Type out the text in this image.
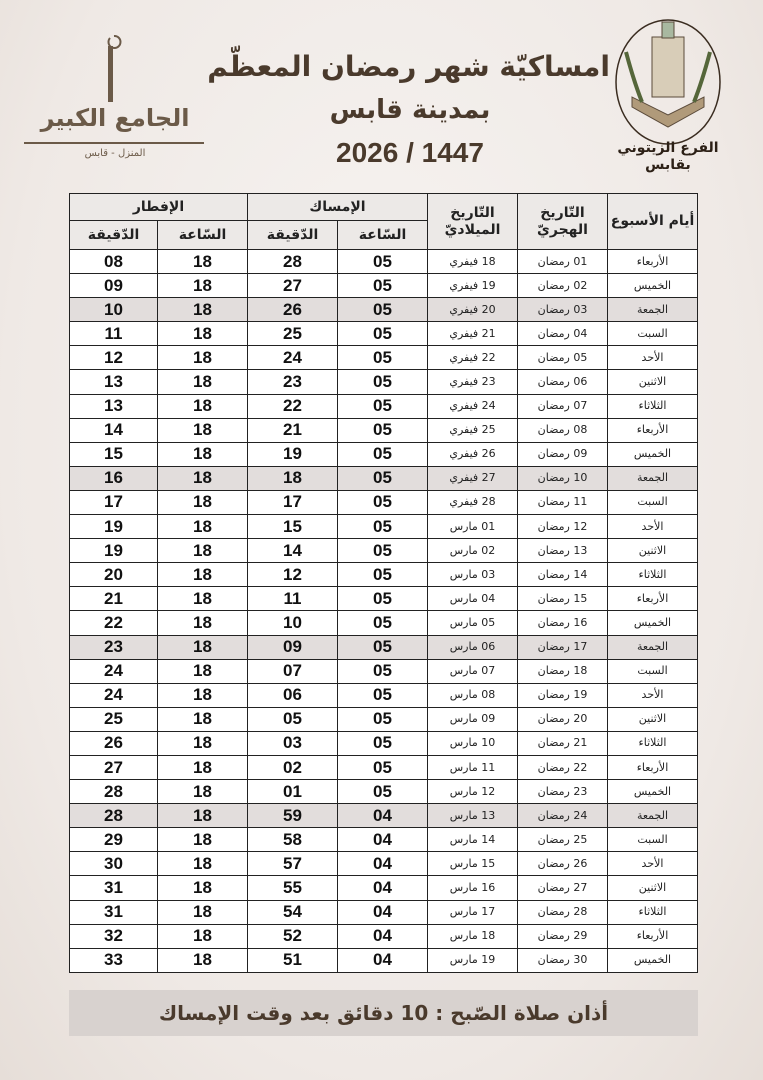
الجامع الكبير
المنزل - قابس	الفرع الزيتوني بقابس
امساكيّة شهر رمضان المعظّم
بمدينة قابس
2026 / 1447
أيام الأسبوع	التّاريخ الهجريّ	التّاريخ الميلاديّ	الإمساك		الإفطار	
			السّاعة	الدّقيقة	السّاعة	الدّقيقة
الأربعاء	01 رمضان	18 فيفري	05	28	18	08
الخميس	02 رمضان	19 فيفري	05	27	18	09
الجمعة	03 رمضان	20 فيفري	05	26	18	10
السبت	04 رمضان	21 فيفري	05	25	18	11
الأحد	05 رمضان	22 فيفري	05	24	18	12
الاثنين	06 رمضان	23 فيفري	05	23	18	13
الثلاثاء	07 رمضان	24 فيفري	05	22	18	13
الأربعاء	08 رمضان	25 فيفري	05	21	18	14
الخميس	09 رمضان	26 فيفري	05	19	18	15
الجمعة	10 رمضان	27 فيفري	05	18	18	16
السبت	11 رمضان	28 فيفري	05	17	18	17
الأحد	12 رمضان	01 مارس	05	15	18	19
الاثنين	13 رمضان	02 مارس	05	14	18	19
الثلاثاء	14 رمضان	03 مارس	05	12	18	20
الأربعاء	15 رمضان	04 مارس	05	11	18	21
الخميس	16 رمضان	05 مارس	05	10	18	22
الجمعة	17 رمضان	06 مارس	05	09	18	23
السبت	18 رمضان	07 مارس	05	07	18	24
الأحد	19 رمضان	08 مارس	05	06	18	24
الاثنين	20 رمضان	09 مارس	05	05	18	25
الثلاثاء	21 رمضان	10 مارس	05	03	18	26
الأربعاء	22 رمضان	11 مارس	05	02	18	27
الخميس	23 رمضان	12 مارس	05	01	18	28
الجمعة	24 رمضان	13 مارس	04	59	18	28
السبت	25 رمضان	14 مارس	04	58	18	29
الأحد	26 رمضان	15 مارس	04	57	18	30
الاثنين	27 رمضان	16 مارس	04	55	18	31
الثلاثاء	28 رمضان	17 مارس	04	54	18	31
الأربعاء	29 رمضان	18 مارس	04	52	18	32
الخميس	30 رمضان	19 مارس	04	51	18	33
أذان صلاة الصّبح : 10 دقائق بعد وقت الإمساك
